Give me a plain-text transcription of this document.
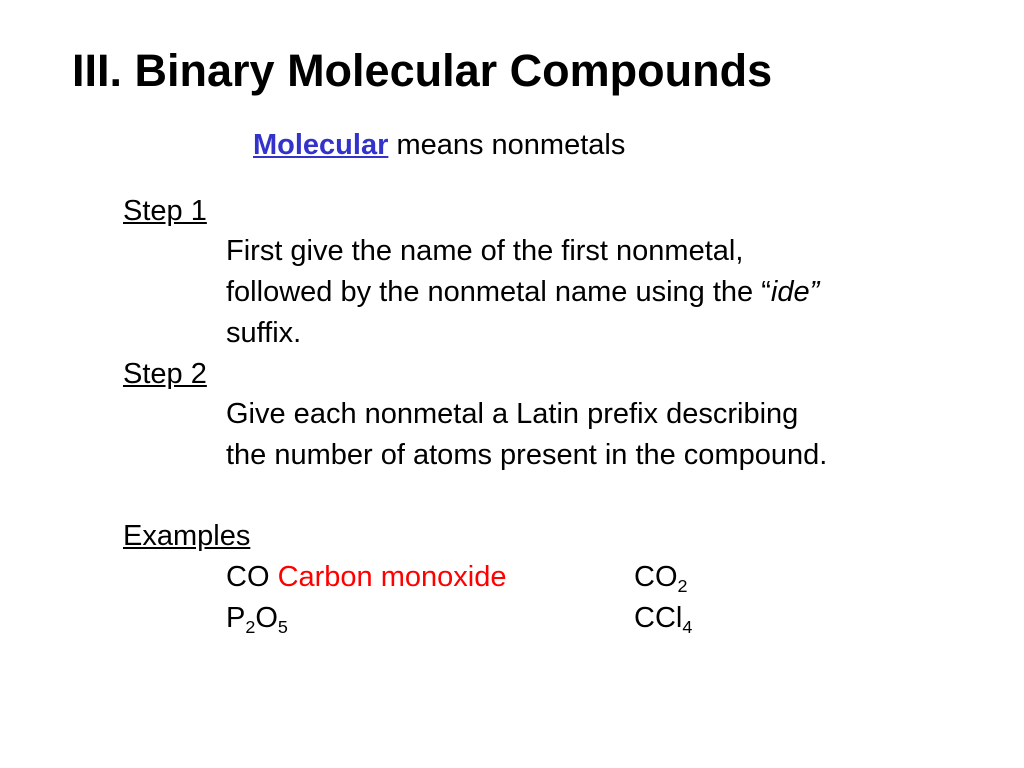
III. Binary Molecular Compounds
Molecular means nonmetals
Step 1
First give the name of the first nonmetal,
followed by the nonmetal name using the “ide”
suffix.
Step 2
Give each nonmetal a Latin prefix describing
the number of atoms present in the compound.
Examples
CO Carbon monoxide	$CO_2$
$P_2O_5$	CCl$_4$
